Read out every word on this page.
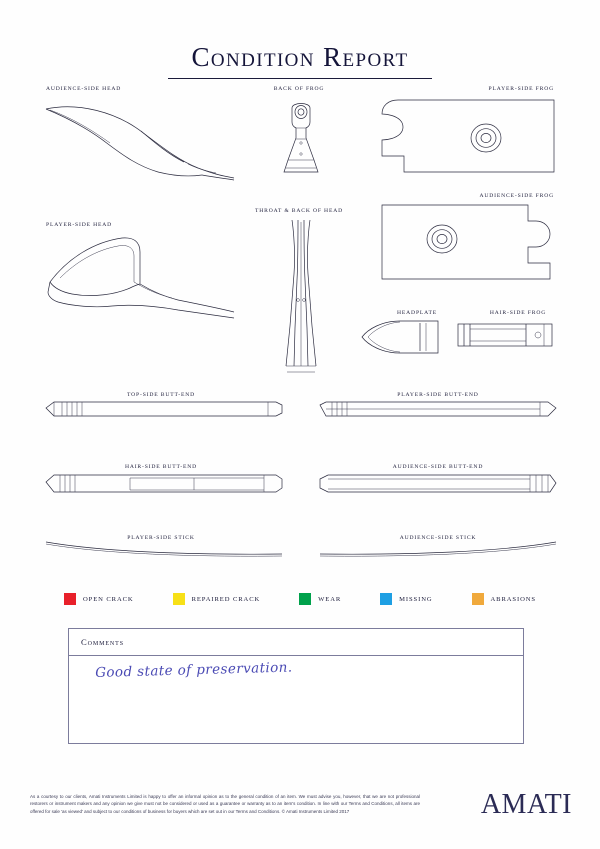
Condition Report
AUDIENCE-SIDE HEAD	BACK OF FROG	PLAYER-SIDE FROG
AUDIENCE-SIDE FROG
PLAYER-SIDE HEAD
THROAT & BACK OF HEAD
HEADPLATE	HAIR-SIDE FROG
TOP-SIDE BUTT-END	PLAYER-SIDE BUTT-END
HAIR-SIDE BUTT-END	AUDIENCE-SIDE BUTT-END
PLAYER-SIDE STICK	AUDIENCE-SIDE STICK
OPEN CRACK	REPAIRED CRACK	WEAR	MISSING	ABRASIONS
Comments
Good state of preservation.
As a courtesy to our clients, Amati Instruments Limited is happy to offer an informal opinion as to the general condition of an item. We must advise you, however, that we are not professional restorers or instrument makers and any opinion we give must not be considered or used as a guarantee or warranty as to an item's condition. In line with our Terms and Conditions, all items are offered for sale 'as viewed' and subject to our conditions of business for buyers which are set out in our Terms and Conditions. © Amati Instruments Limited 2017	AMATI
